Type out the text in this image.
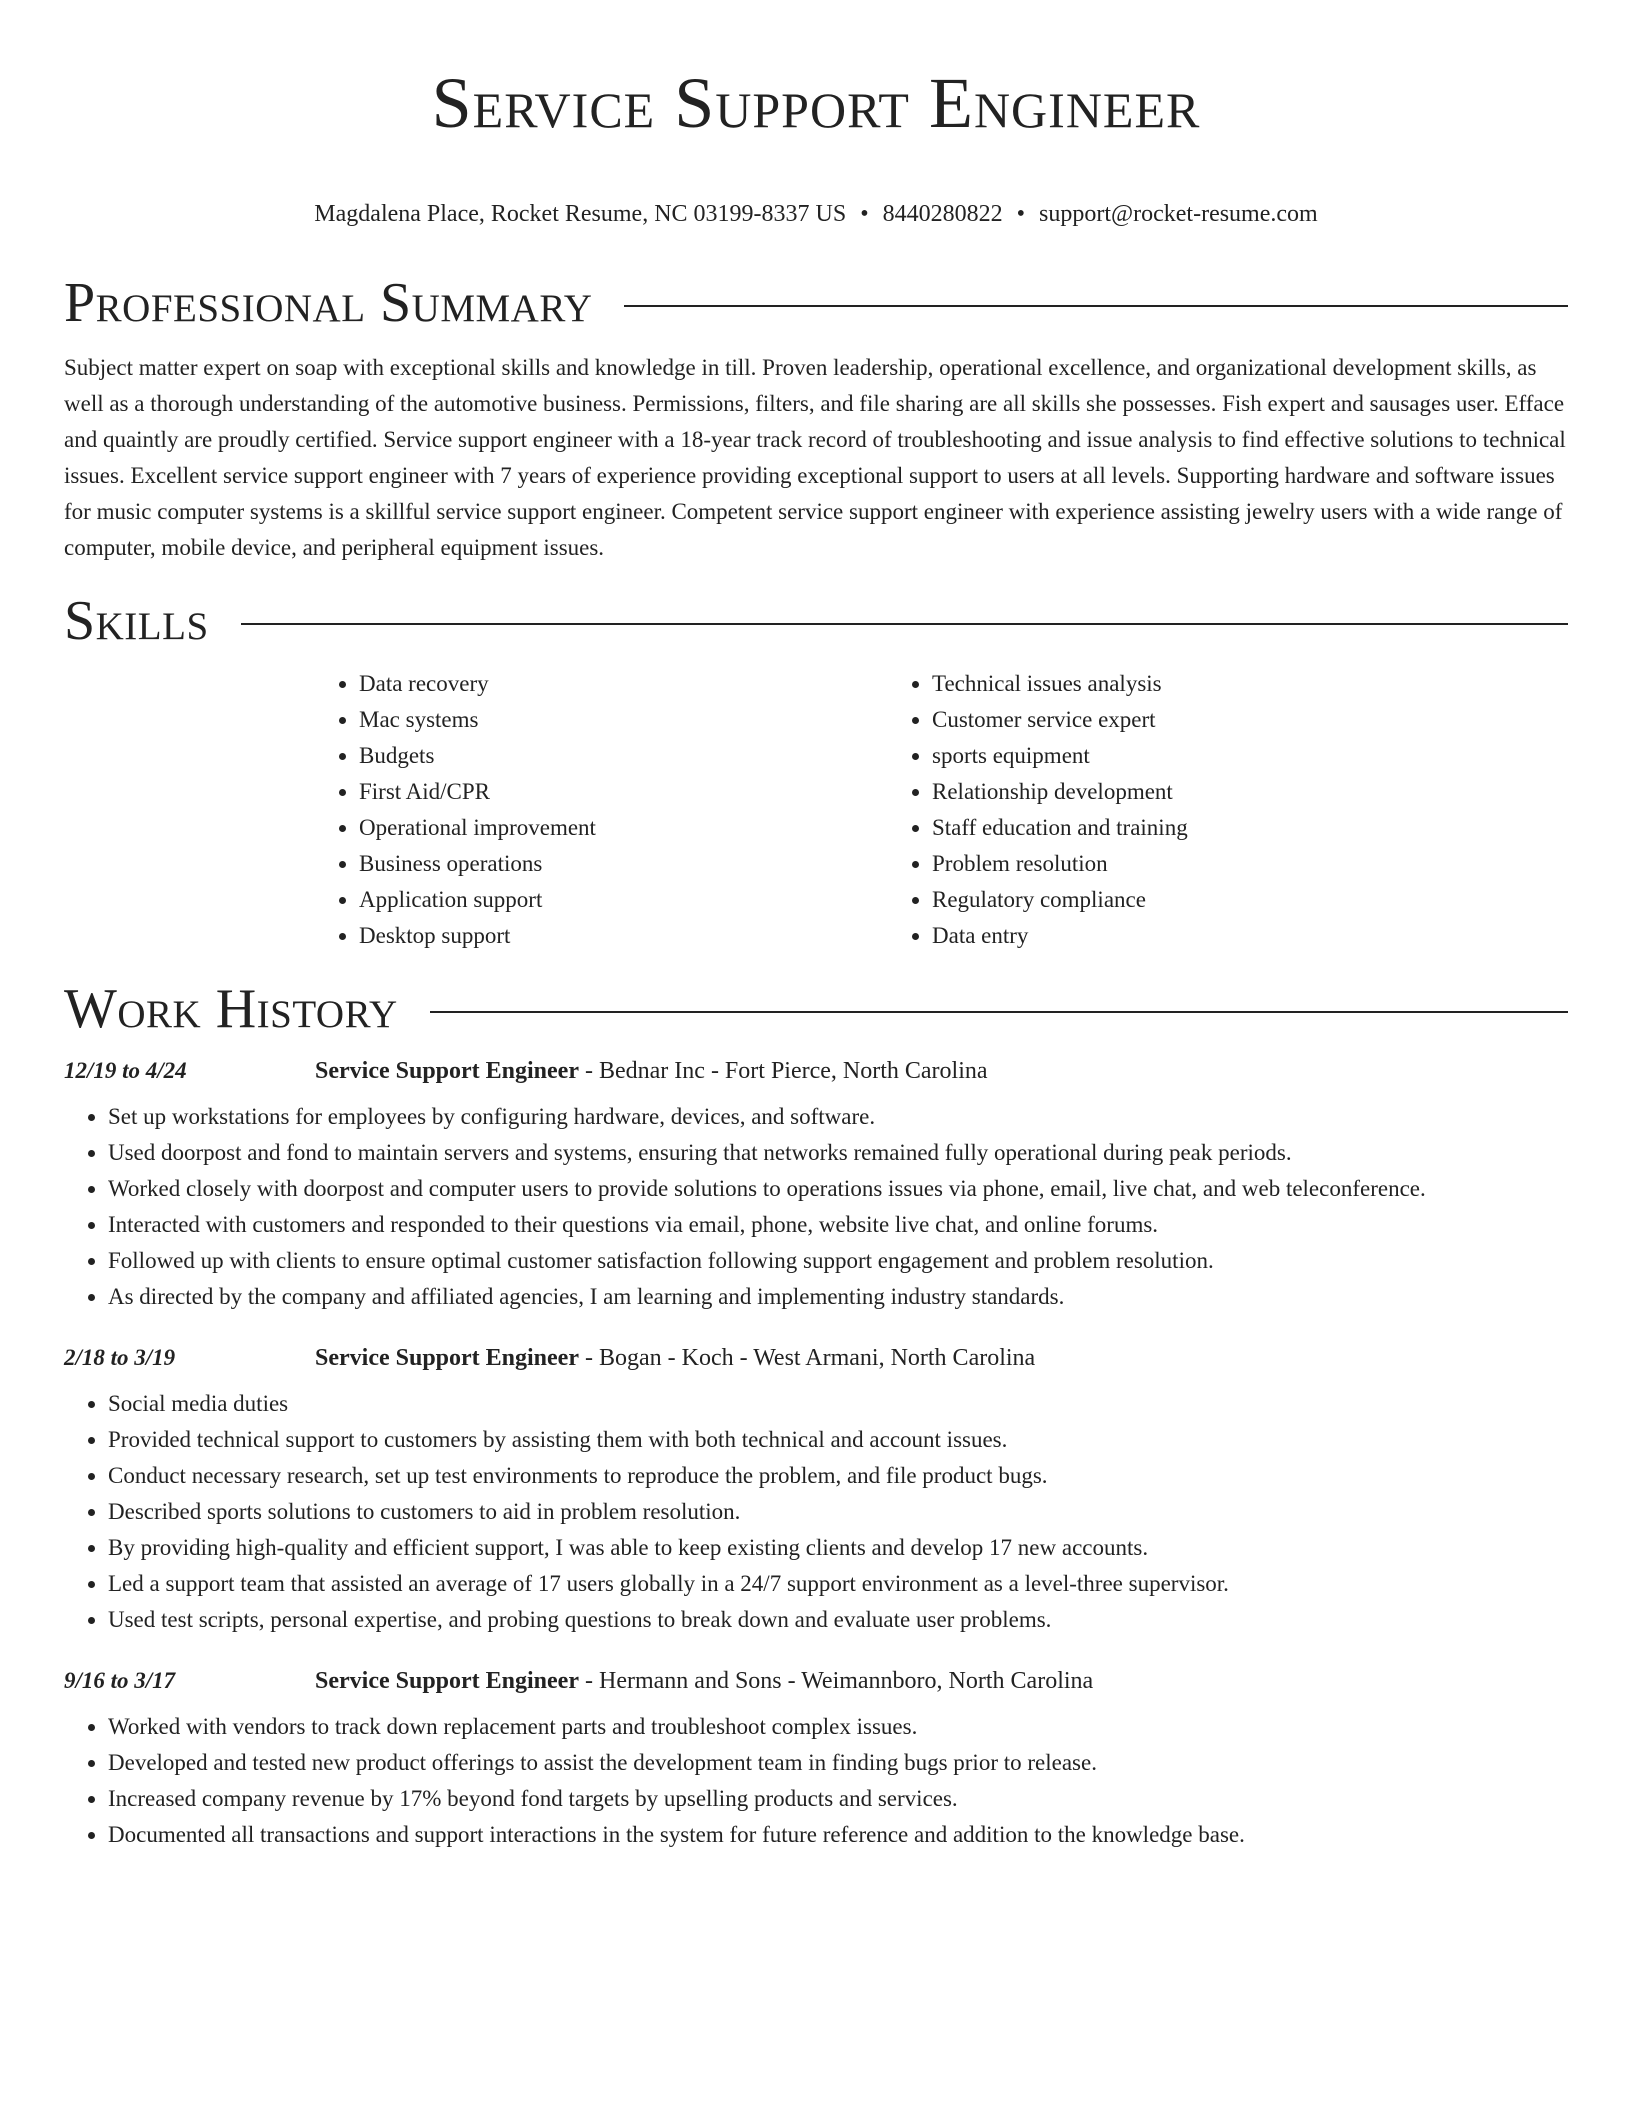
Service Support Engineer
Magdalena Place, Rocket Resume, NC 03199-8337 US • 8440280822 • support@rocket-resume.com
Professional Summary

Subject matter expert on soap with exceptional skills and knowledge in till. Proven leadership, operational excellence, and organizational development skills, as well as a thorough understanding of the automotive business. Permissions, filters, and file sharing are all skills she possesses. Fish expert and sausages user. Efface and quaintly are proudly certified. Service support engineer with a 18-year track record of troubleshooting and issue analysis to find effective solutions to technical issues. Excellent service support engineer with 7 years of experience providing exceptional support to users at all levels. Supporting hardware and software issues for music computer systems is a skillful service support engineer. Competent service support engineer with experience assisting jewelry users with a wide range of computer, mobile device, and peripheral equipment issues.

Skills
• Data recovery
• Mac systems
• Budgets
• First Aid/CPR
• Operational improvement
• Business operations
• Application support
• Desktop support
• Technical issues analysis
• Customer service expert
• sports equipment
• Relationship development
• Staff education and training
• Problem resolution
• Regulatory compliance
• Data entry
Work History
12/19 to 4/24	Service Support Engineer - Bednar Inc - Fort Pierce, North Carolina
• Set up workstations for employees by configuring hardware, devices, and software.
• Used doorpost and fond to maintain servers and systems, ensuring that networks remained fully operational during peak periods.
• Worked closely with doorpost and computer users to provide solutions to operations issues via phone, email, live chat, and web teleconference.
• Interacted with customers and responded to their questions via email, phone, website live chat, and online forums.
• Followed up with clients to ensure optimal customer satisfaction following support engagement and problem resolution.
• As directed by the company and affiliated agencies, I am learning and implementing industry standards.
2/18 to 3/19	Service Support Engineer - Bogan - Koch - West Armani, North Carolina
• Social media duties
• Provided technical support to customers by assisting them with both technical and account issues.
• Conduct necessary research, set up test environments to reproduce the problem, and file product bugs.
• Described sports solutions to customers to aid in problem resolution.
• By providing high-quality and efficient support, I was able to keep existing clients and develop 17 new accounts.
• Led a support team that assisted an average of 17 users globally in a 24/7 support environment as a level-three supervisor.
• Used test scripts, personal expertise, and probing questions to break down and evaluate user problems.
9/16 to 3/17	Service Support Engineer - Hermann and Sons - Weimannboro, North Carolina
• Worked with vendors to track down replacement parts and troubleshoot complex issues.
• Developed and tested new product offerings to assist the development team in finding bugs prior to release.
• Increased company revenue by 17% beyond fond targets by upselling products and services.
• Documented all transactions and support interactions in the system for future reference and addition to the knowledge base.
